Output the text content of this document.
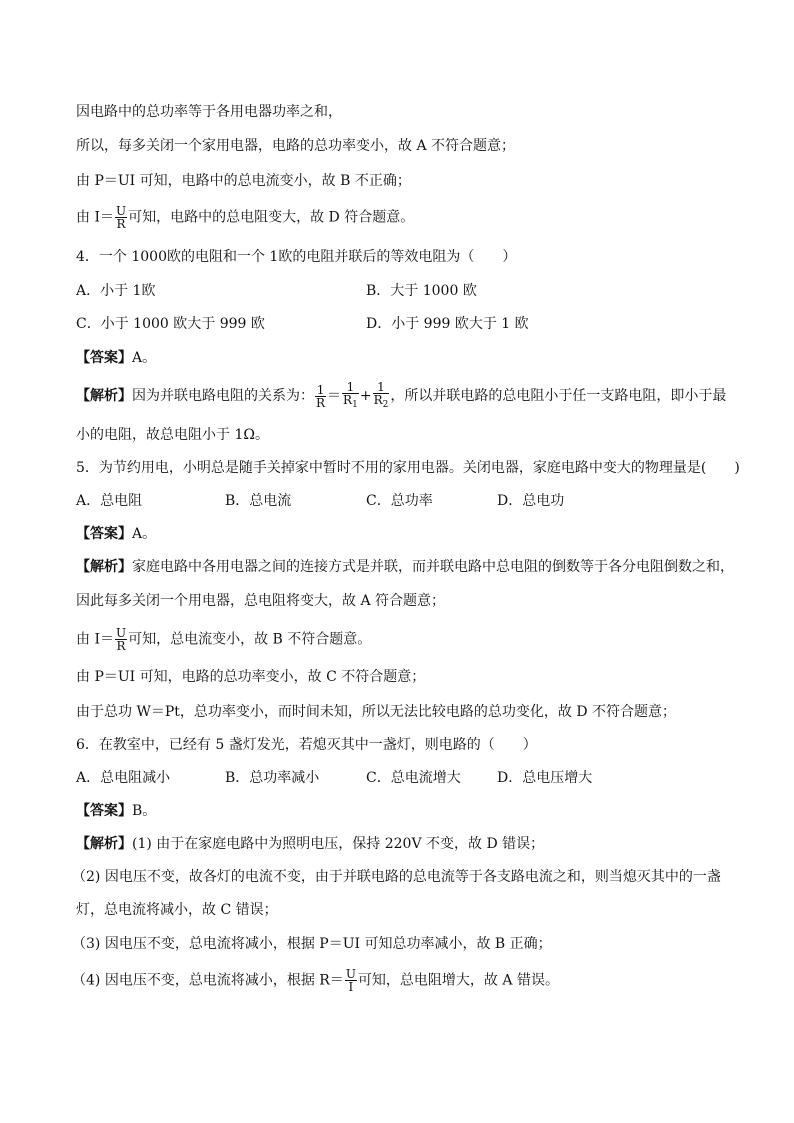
因电路中的总功率等于各用电器功率之和，
所以，每多关闭一个家用电器，电路的总功率变小，故 A 不符合题意；
由 P＝UI 可知，电路中的总电流变小，故 B 不正确；
由 $I= \frac{U}{R}$ 可知，电路中的总电阻变大，故 D 符合题意。
4．一个 1000欧的电阻和一个 1欧的电阻并联后的等效电阻为（　　）
A．小于 1欧	B．大于 1000 欧
C．小于 1000 欧大于 999 欧	D．小于 999 欧大于 1 欧
【答案】A。
【解析】因为并联电路电阻的关系为： $\frac{1}{R} = \frac{1}{R_1} + \frac{1}{R_2}$ ，所以并联电路的总电阻小于任一支路电阻，即小于最
小的电阻，故总电阻小于 1Ω。
5．为节约用电，小明总是随手关掉家中暂时不用的家用电器。关闭电器，家庭电路中变大的物理量是(　　)
A．总电阻	B．总电流	C．总功率	D．总电功
【答案】A。
【解析】家庭电路中各用电器之间的连接方式是并联，而并联电路中总电阻的倒数等于各分电阻倒数之和，
因此每多关闭一个用电器，总电阻将变大，故 A 符合题意；
由 $I= \frac{U}{R}$ 可知，总电流变小，故 B 不符合题意。
由 P＝UI 可知，电路的总功率变小，故 C 不符合题意；
由于总功 W＝Pt，总功率变小，而时间未知，所以无法比较电路的总功变化，故 D 不符合题意；
6．在教室中，已经有 5 盏灯发光，若熄灭其中一盏灯，则电路的（　　）
A．总电阻减小	B．总功率减小	C．总电流增大	D．总电压增大
【答案】B。
【解析】(1) 由于在家庭电路中为照明电压，保持 220V 不变，故 D 错误；
（2) 因电压不变，故各灯的电流不变，由于并联电路的总电流等于各支路电流之和，则当熄灭其中的一盏
灯，总电流将减小，故 C 错误；
（3) 因电压不变，总电流将减小，根据 P＝UI 可知总功率减小，故 B 正确；
（4) 因电压不变，总电流将减小，根据 $R= \frac{U}{I}$ 可知，总电阻增大，故 A 错误。
